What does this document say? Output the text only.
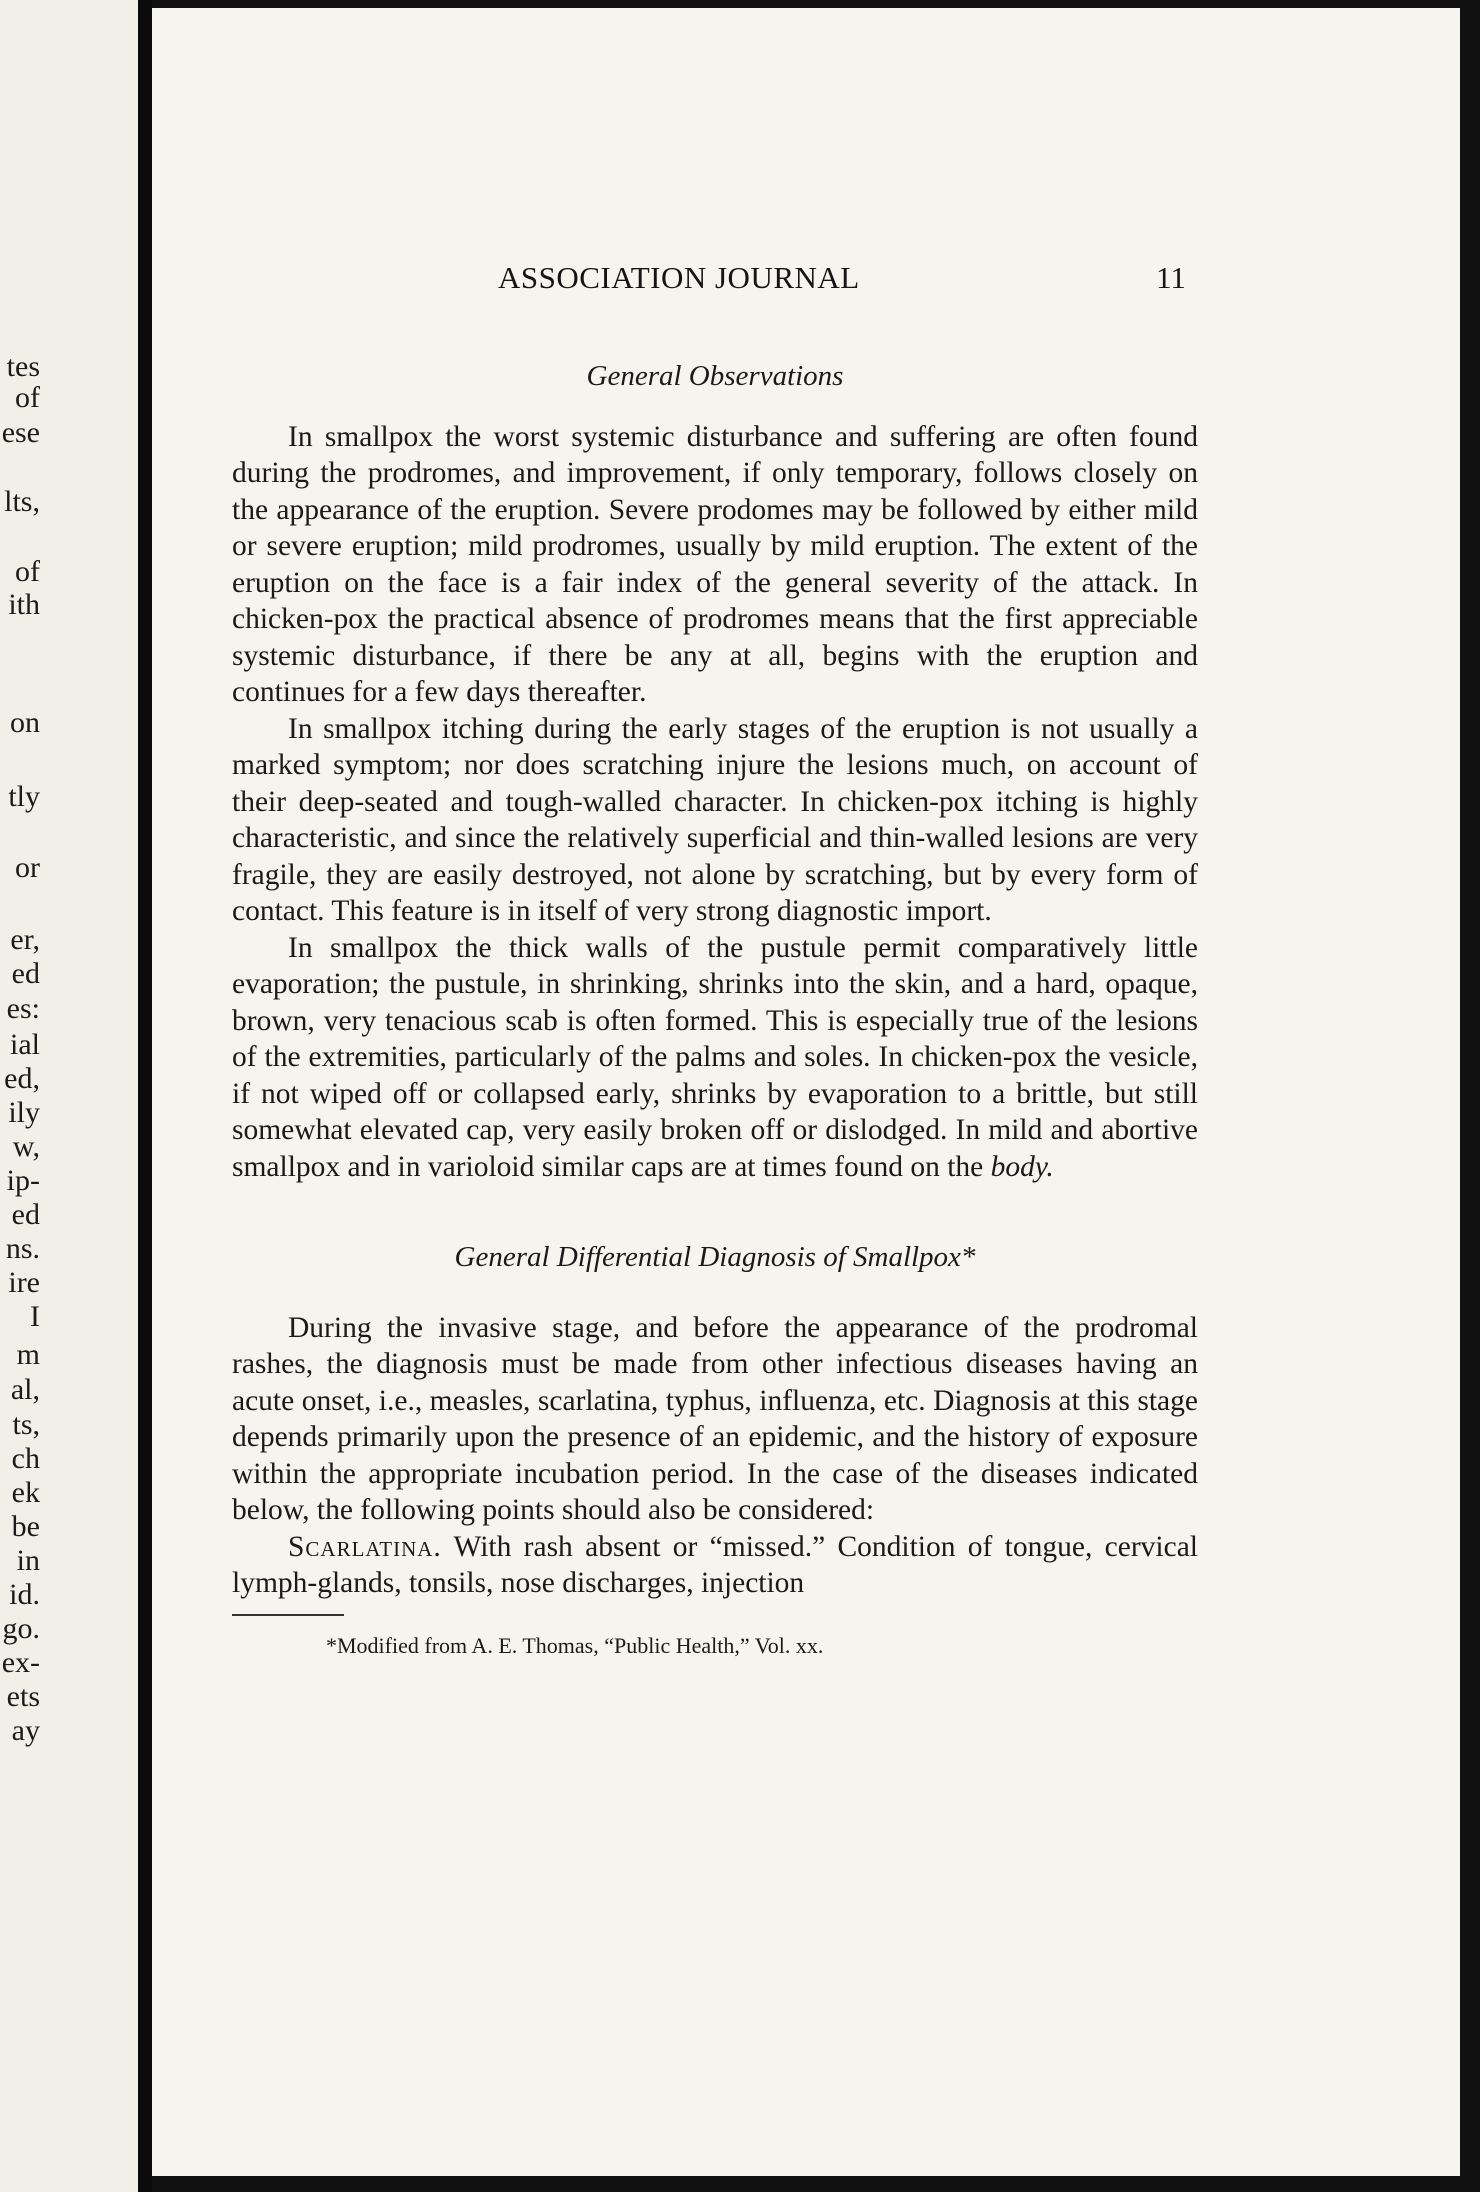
tes
of
ese
lts,
of
ith
on
tly
or
er,
ed
es:
ial
ed,
ily
w,
ip-
ed
ns.
ire
I
m
al,
ts,
ch
ek
be
in
id.
go.
ex-
ets
ay
ASSOCIATION JOURNAL	11
General Observations

In smallpox the worst systemic disturbance and suffering are often found during the prodromes, and improvement, if only temporary, follows closely on the appearance of the eruption. Severe prodomes may be followed by either mild or severe eruption; mild prodromes, usually by mild eruption. The extent of the eruption on the face is a fair index of the general severity of the attack. In chicken-pox the practical absence of prodromes means that the first appreciable systemic disturbance, if there be any at all, begins with the eruption and continues for a few days thereafter.

In smallpox itching during the early stages of the eruption is not usually a marked symptom; nor does scratching injure the lesions much, on account of their deep-seated and tough-walled character. In chicken-pox itching is highly characteristic, and since the relatively superficial and thin-walled lesions are very fragile, they are easily destroyed, not alone by scratching, but by every form of contact. This feature is in itself of very strong diagnostic import.

In smallpox the thick walls of the pustule permit comparatively little evaporation; the pustule, in shrinking, shrinks into the skin, and a hard, opaque, brown, very tenacious scab is often formed. This is especially true of the lesions of the extremities, particularly of the palms and soles. In chicken-pox the vesicle, if not wiped off or collapsed early, shrinks by evaporation to a brittle, but still somewhat elevated cap, very easily broken off or dislodged. In mild and abortive smallpox and in varioloid similar caps are at times found on the body.

General Differential Diagnosis of Smallpox*

During the invasive stage, and before the appearance of the prodromal rashes, the diagnosis must be made from other infectious diseases having an acute onset, i.e., measles, scarlatina, typhus, influenza, etc. Diagnosis at this stage depends primarily upon the presence of an epidemic, and the history of exposure within the appropriate incubation period. In the case of the diseases indicated below, the following points should also be considered:

Scarlatina. With rash absent or “missed.” Condition of tongue, cervical lymph-glands, tonsils, nose discharges, injection

*Modified from A. E. Thomas, “Public Health,” Vol. xx.
